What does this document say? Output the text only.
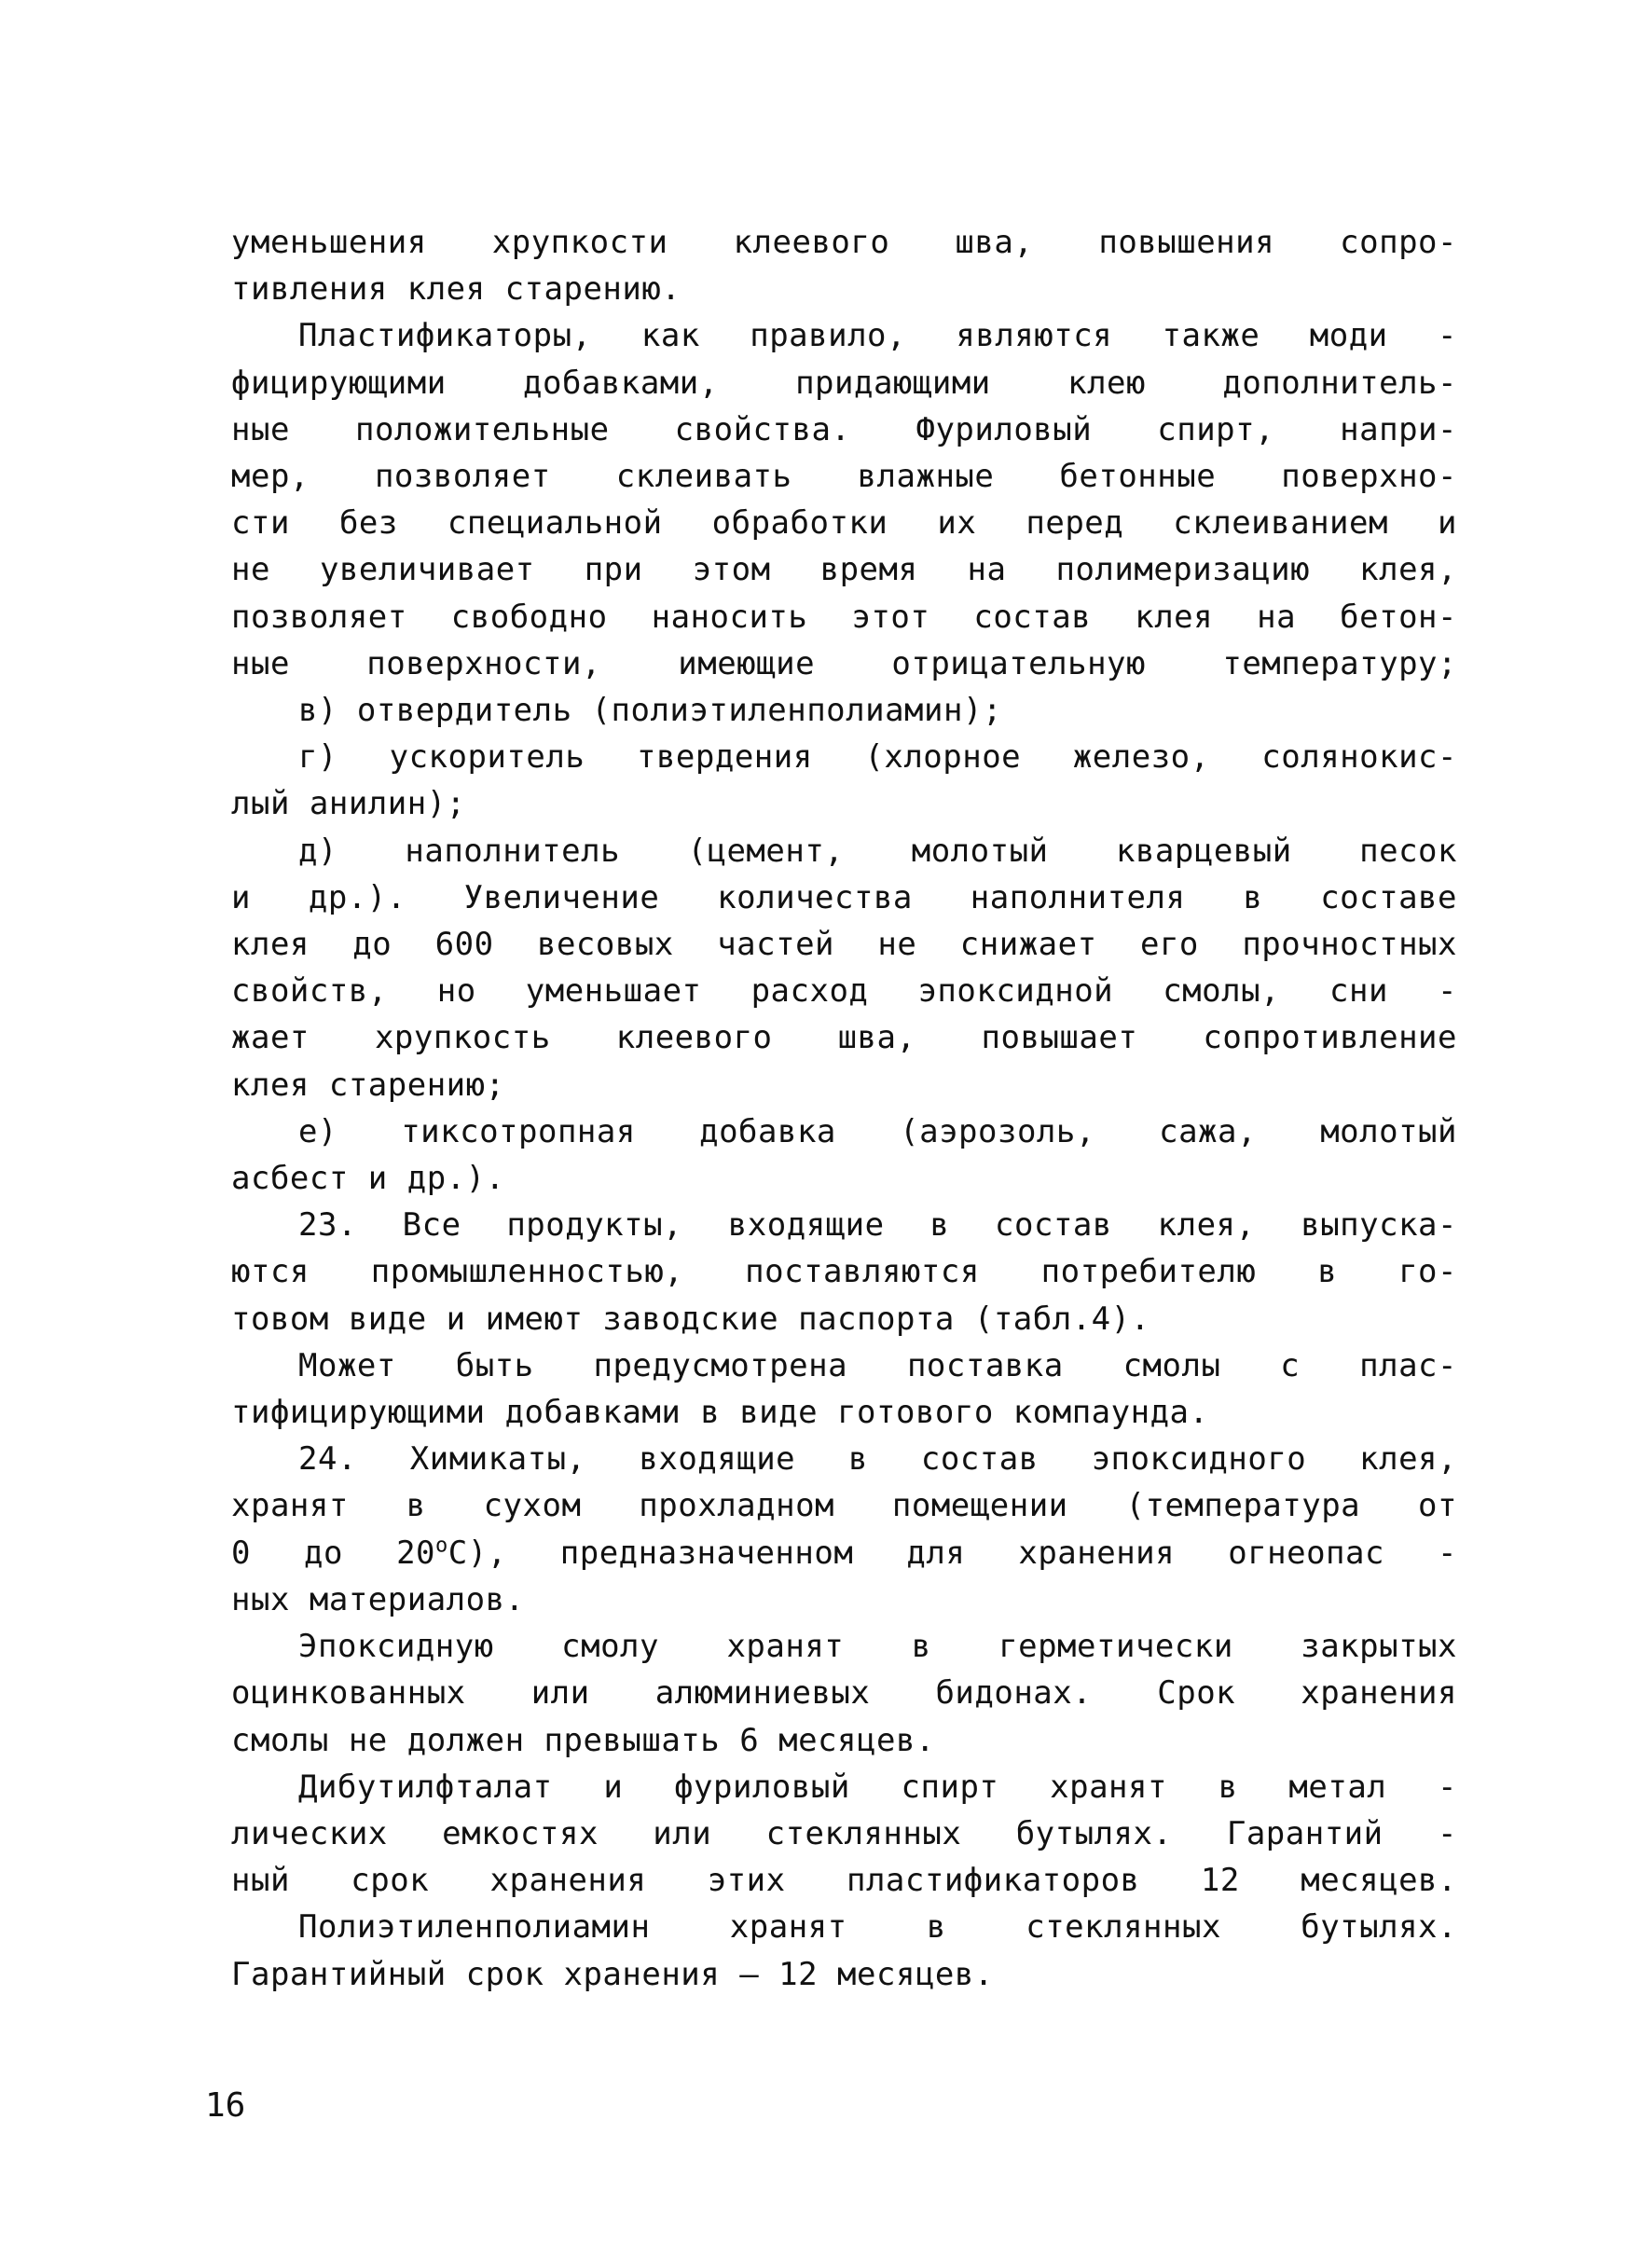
уменьшения хрупкости клеевого шва, повышения сопро-
тивления клея старению.
Пластификаторы, как правило, являются также моди -
фицирующими добавками, придающими клею дополнитель-
ные положительные свойства. Фуриловый спирт, напри-
мер, позволяет склеивать влажные бетонные поверхно-
сти без специальной обработки их перед склеиванием и
не увеличивает при этом время на полимеризацию клея,
позволяет свободно наносить этот состав клея на бетон-
ные поверхности, имеющие отрицательную температуру;
в) отвердитель (полиэтиленполиамин);
г) ускоритель твердения (хлорное железо, солянокис-
лый анилин);
д) наполнитель (цемент, молотый кварцевый песок
и др.). Увеличение количества наполнителя в составе
клея до 600 весовых частей не снижает его прочностных
свойств, но уменьшает расход эпоксидной смолы, сни -
жает хрупкость клеевого шва, повышает сопротивление
клея старению;
е) тиксотропная добавка (аэрозоль, сажа, молотый
асбест и др.).
23. Все продукты, входящие в состав клея, выпуска-
ются промышленностью, поставляются потребителю в го-
товом виде и имеют заводские паспорта (табл.4).
Может быть предусмотрена поставка смолы с плас-
тифицирующими добавками в виде готового компаунда.
24. Химикаты, входящие в состав эпоксидного клея,
хранят в сухом прохладном помещении (температура от
0 до 20$^o$С), предназначенном для хранения огнеопас -
ных материалов.
Эпоксидную смолу хранят в герметически закрытых
оцинкованных или алюминиевых бидонах. Срок хранения
смолы не должен превышать 6 месяцев.
Дибутилфталат и фуриловый спирт хранят в метал -
лических емкостях или стеклянных бутылях. Гарантий -
ный срок хранения этих пластификаторов 12 месяцев.
Полиэтиленполиамин хранят в стеклянных бутылях.
Гарантийный срок хранения – 12 месяцев.
16
